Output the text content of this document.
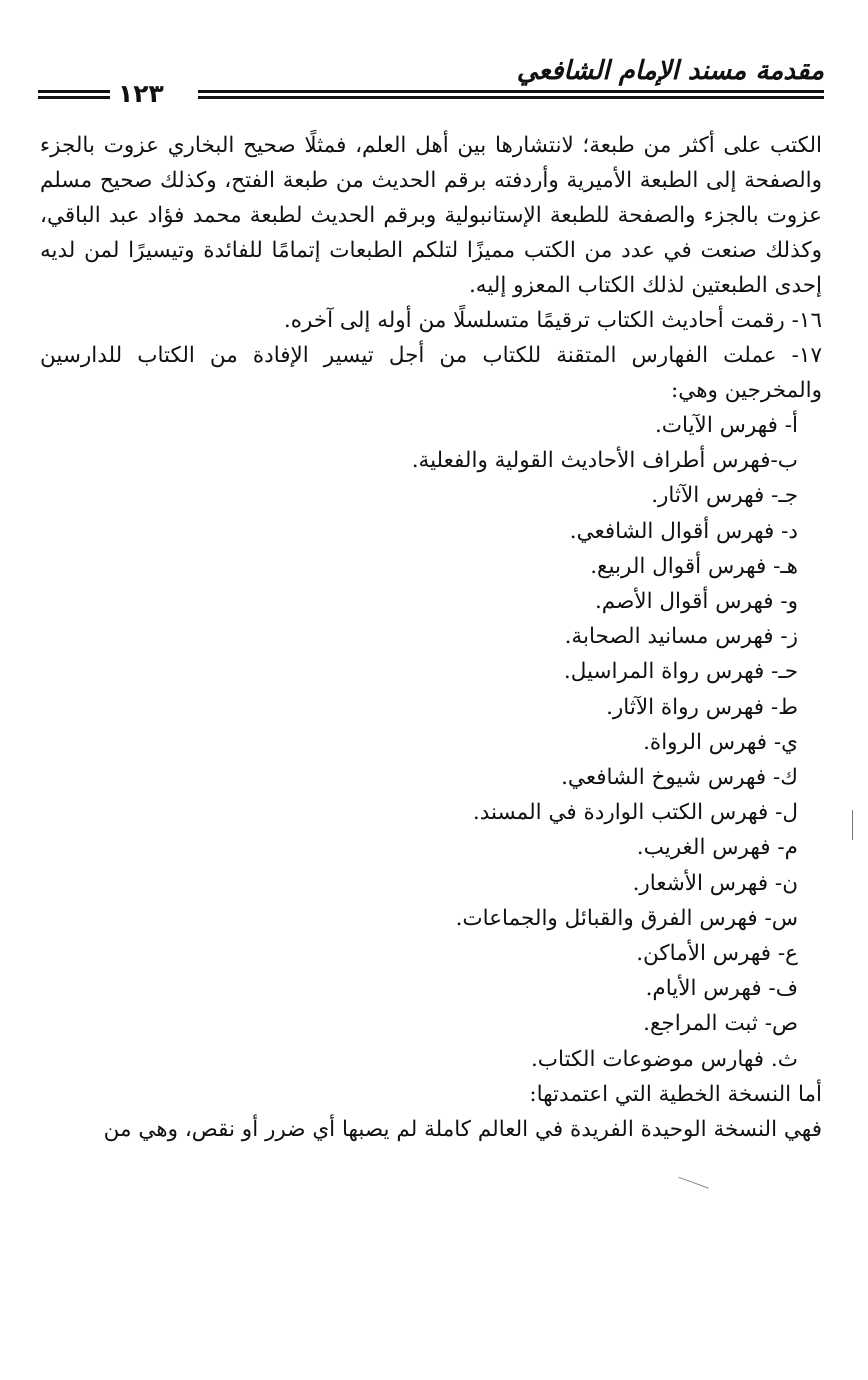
مقدمة مسند الإمام الشافعي
١٢٣

الكتب على أكثر من طبعة؛ لانتشارها بين أهل العلم، فمثلًا صحيح البخاري عزوت بالجزء والصفحة إلى الطبعة الأميرية وأردفته برقم الحديث من طبعة الفتح، وكذلك صحيح مسلم عزوت بالجزء والصفحة للطبعة الإستانبولية وبرقم الحديث لطبعة محمد فؤاد عبد الباقي، وكذلك صنعت في عدد من الكتب مميزًا لتلكم الطبعات إتمامًا للفائدة وتيسيرًا لمن لديه إحدى الطبعتين لذلك الكتاب المعزو إليه.

١٦- رقمت أحاديث الكتاب ترقيمًا متسلسلًا من أوله إلى آخره.

١٧- عملت الفهارس المتقنة للكتاب من أجل تيسير الإفادة من الكتاب للدارسين والمخرجين وهي:

أ- فهرس الآيات.
ب-فهرس أطراف الأحاديث القولية والفعلية.
جـ- فهرس الآثار.
د- فهرس أقوال الشافعي.
هـ- فهرس أقوال الربيع.
و- فهرس أقوال الأصم.
ز- فهرس مسانيد الصحابة.
حـ- فهرس رواة المراسيل.
ط- فهرس رواة الآثار.
ي- فهرس الرواة.
ك- فهرس شيوخ الشافعي.
ل- فهرس الكتب الواردة في المسند.
م- فهرس الغريب.
ن- فهرس الأشعار.
س- فهرس الفرق والقبائل والجماعات.
ع- فهرس الأماكن.
ف- فهرس الأيام.
ص- ثبت المراجع.
ث. فهارس موضوعات الكتاب.

أما النسخة الخطية التي اعتمدتها:

فهي النسخة الوحيدة الفريدة في العالم كاملة لم يصبها أي ضرر أو نقص، وهي من
